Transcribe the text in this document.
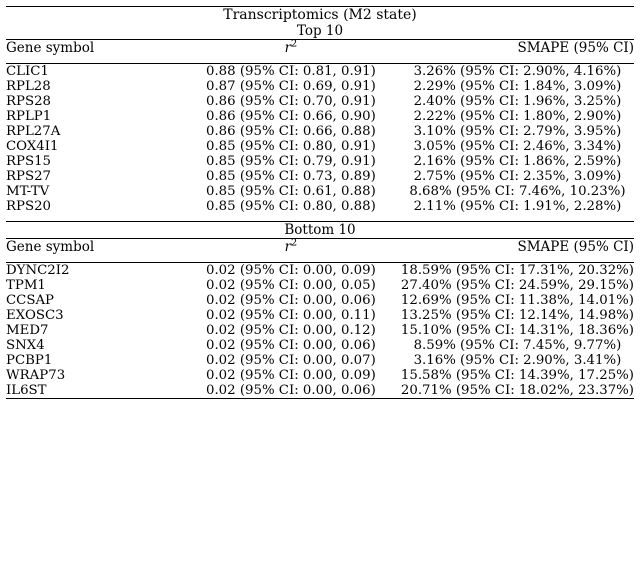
Transcriptomics (M2 state)		
Top 10		
Gene symbol	$r^2$	SMAPE (95% CI)

CLIC1	0.88 (95% CI: 0.81, 0.91)	3.26% (95% CI: 2.90%, 4.16%)
RPL28	0.87 (95% CI: 0.69, 0.91)	2.29% (95% CI: 1.84%, 3.09%)
RPS28	0.86 (95% CI: 0.70, 0.91)	2.40% (95% CI: 1.96%, 3.25%)
RPLP1	0.86 (95% CI: 0.66, 0.90)	2.22% (95% CI: 1.80%, 2.90%)
RPL27A	0.86 (95% CI: 0.66, 0.88)	3.10% (95% CI: 2.79%, 3.95%)
COX4I1	0.85 (95% CI: 0.80, 0.91)	3.05% (95% CI: 2.46%, 3.34%)
RPS15	0.85 (95% CI: 0.79, 0.91)	2.16% (95% CI: 1.86%, 2.59%)
RPS27	0.85 (95% CI: 0.73, 0.89)	2.75% (95% CI: 2.35%, 3.09%)
MT-TV	0.85 (95% CI: 0.61, 0.88)	8.68% (95% CI: 7.46%, 10.23%)
RPS20	0.85 (95% CI: 0.80, 0.88)	2.11% (95% CI: 1.91%, 2.28%)

Bottom 10		
Gene symbol	$r^2$	SMAPE (95% CI)

DYNC2I2	0.02 (95% CI: 0.00, 0.09)	18.59% (95% CI: 17.31%, 20.32%)
TPM1	0.02 (95% CI: 0.00, 0.05)	27.40% (95% CI: 24.59%, 29.15%)
CCSAP	0.02 (95% CI: 0.00, 0.06)	12.69% (95% CI: 11.38%, 14.01%)
EXOSC3	0.02 (95% CI: 0.00, 0.11)	13.25% (95% CI: 12.14%, 14.98%)
MED7	0.02 (95% CI: 0.00, 0.12)	15.10% (95% CI: 14.31%, 18.36%)
SNX4	0.02 (95% CI: 0.00, 0.06)	8.59% (95% CI: 7.45%, 9.77%)
PCBP1	0.02 (95% CI: 0.00, 0.07)	3.16% (95% CI: 2.90%, 3.41%)
WRAP73	0.02 (95% CI: 0.00, 0.09)	15.58% (95% CI: 14.39%, 17.25%)
IL6ST	0.02 (95% CI: 0.00, 0.06)	20.71% (95% CI: 18.02%, 23.37%)
